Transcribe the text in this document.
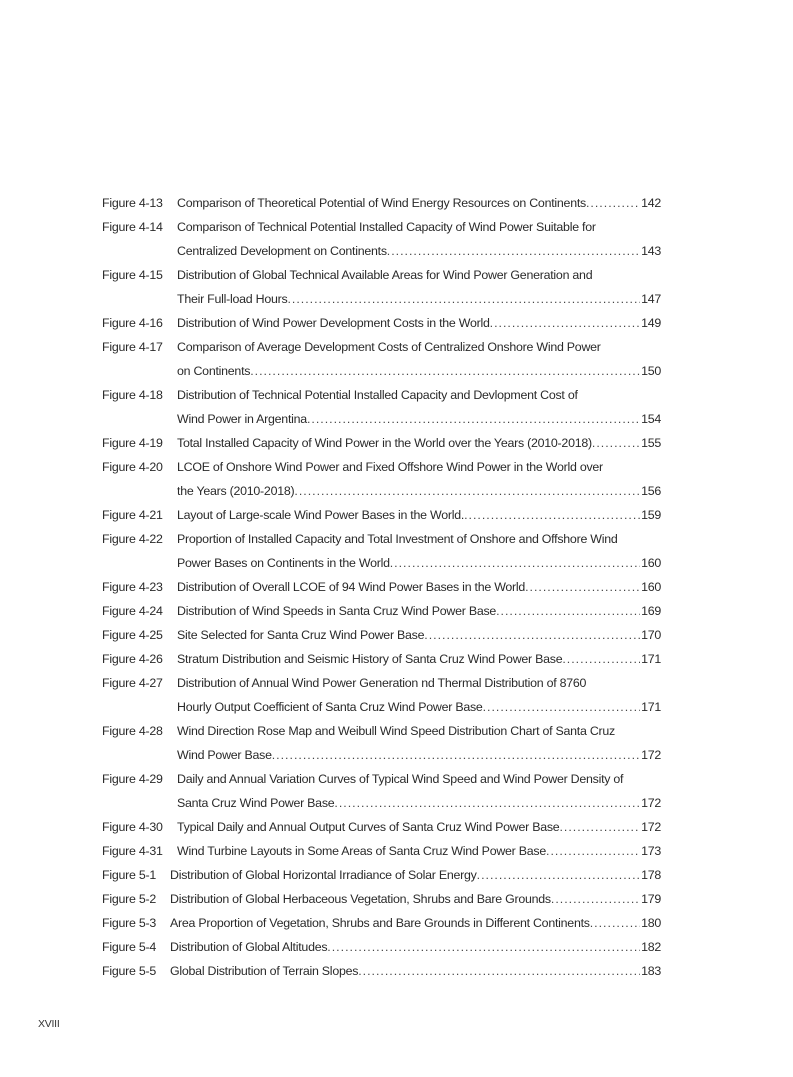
Figure 4-13 Comparison of Theoretical Potential of Wind Energy Resources on Continents .....	142
Figure 4-14 Comparison of Technical Potential Installed Capacity of Wind Power Suitable for
Centralized Development on Continents .....	143
Figure 4-15 Distribution of Global Technical Available Areas for Wind Power Generation and
Their Full-load Hours .....	147
Figure 4-16 Distribution of Wind Power Development Costs in the World .....	149
Figure 4-17 Comparison of Average Development Costs of Centralized Onshore Wind Power
on Continents .....	150
Figure 4-18 Distribution of Technical Potential Installed Capacity and Devlopment Cost of
Wind Power in Argentina .....	154
Figure 4-19 Total Installed Capacity of Wind Power in the World over the Years (2010-2018) .....	155
Figure 4-20 LCOE of Onshore Wind Power and Fixed Offshore Wind Power in the World over
the Years (2010-2018) .....	156
Figure 4-21 Layout of Large-scale Wind Power Bases in the World. .....	159
Figure 4-22 Proportion of Installed Capacity and Total Investment of Onshore and Offshore Wind
Power Bases on Continents in the World .....	160
Figure 4-23 Distribution of Overall LCOE of 94 Wind Power Bases in the World .....	160
Figure 4-24 Distribution of Wind Speeds in Santa Cruz Wind Power Base .....	169
Figure 4-25 Site Selected for Santa Cruz Wind Power Base .....	170
Figure 4-26 Stratum Distribution and Seismic History of Santa Cruz Wind Power Base .....	171
Figure 4-27 Distribution of Annual Wind Power Generation nd Thermal Distribution of 8760
Hourly Output Coefficient of Santa Cruz Wind Power Base .....	171
Figure 4-28 Wind Direction Rose Map and Weibull Wind Speed Distribution Chart of Santa Cruz
Wind Power Base .....	172
Figure 4-29 Daily and Annual Variation Curves of Typical Wind Speed and Wind Power Density of
Santa Cruz Wind Power Base .....	172
Figure 4-30 Typical Daily and Annual Output Curves of Santa Cruz Wind Power Base .....	172
Figure 4-31 Wind Turbine Layouts in Some Areas of Santa Cruz Wind Power Base .....	173
Figure 5-1 Distribution of Global Horizontal Irradiance of Solar Energy .....	178
Figure 5-2 Distribution of Global Herbaceous Vegetation, Shrubs and Bare Grounds .....	179
Figure 5-3 Area Proportion of Vegetation, Shrubs and Bare Grounds in Different Continents .....	180
Figure 5-4 Distribution of Global Altitudes .....	182
Figure 5-5 Global Distribution of Terrain Slopes .....	183
XVIII
